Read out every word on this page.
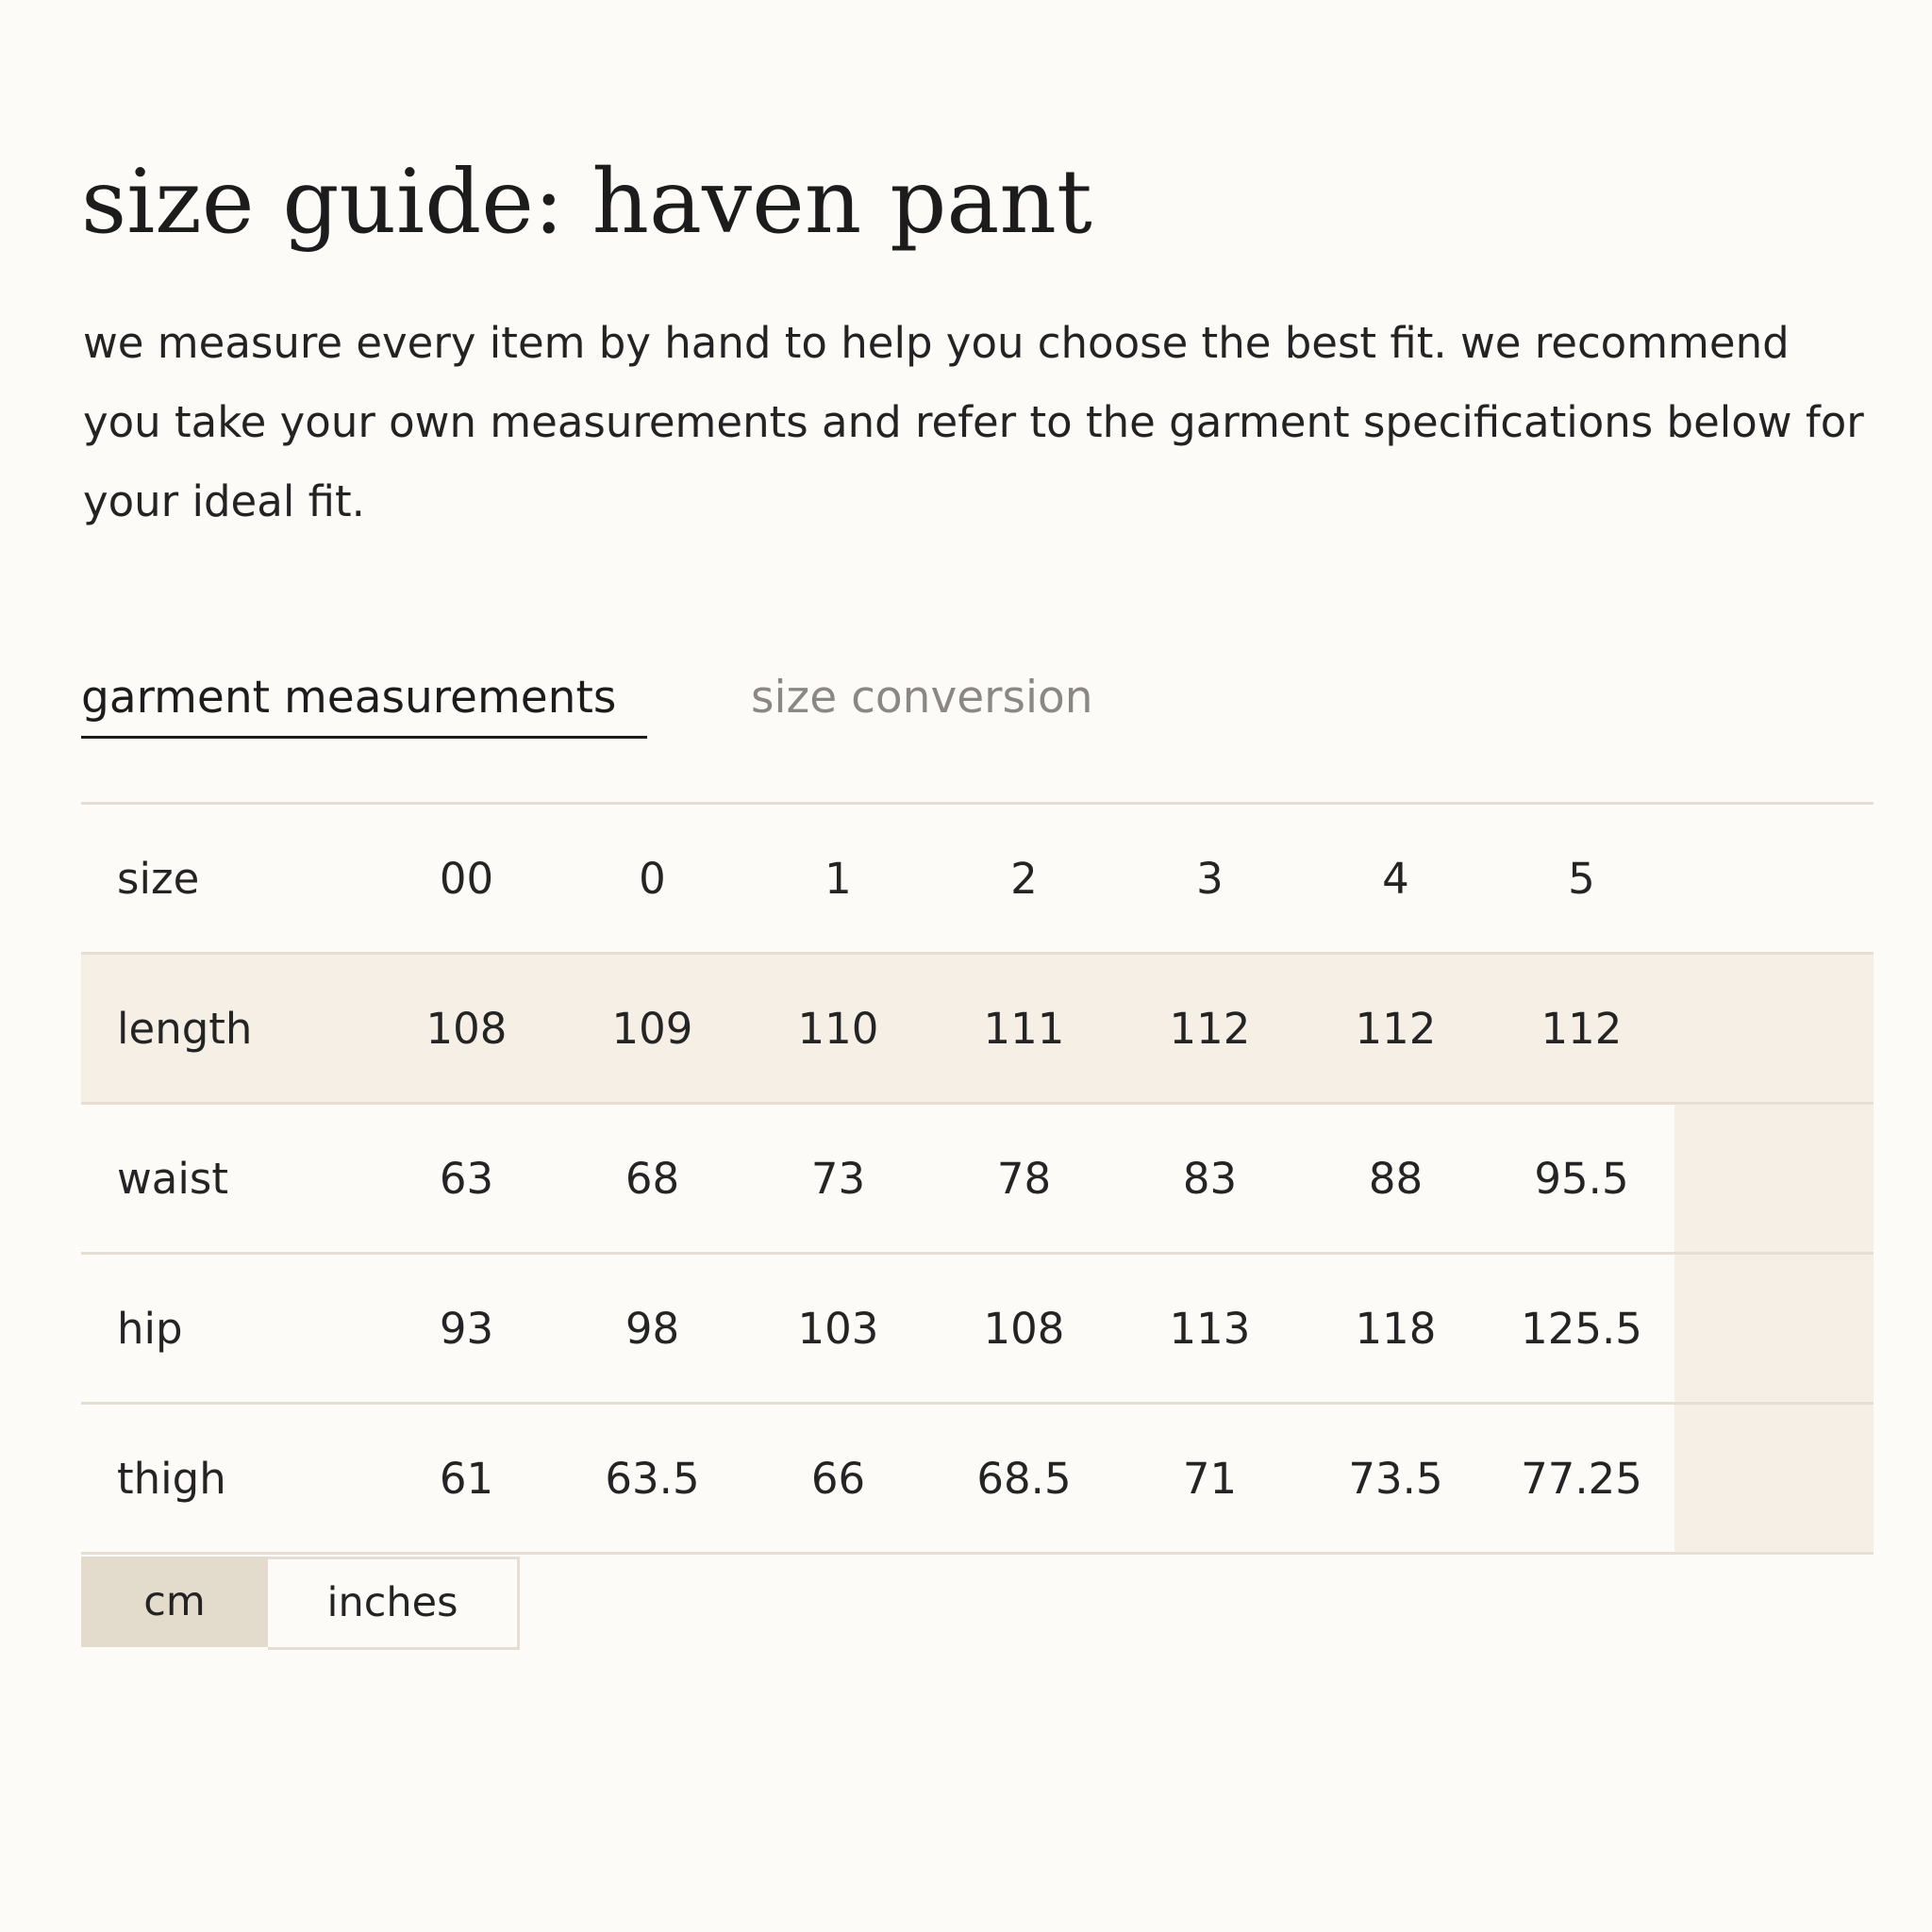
size guide: haven pant

we measure every item by hand to help you choose the best fit. we recommend you take your own measurements and refer to the garment specifications below for your ideal fit.

garment measurements	size conversion
size	00	0	1	2	3	4	5	
length	108	109	110	111	112	112	112	
waist	63	68	73	78	83	88	95.5	
hip	93	98	103	108	113	118	125.5	
thigh	61	63.5	66	68.5	71	73.5	77.25	
cm	inches
